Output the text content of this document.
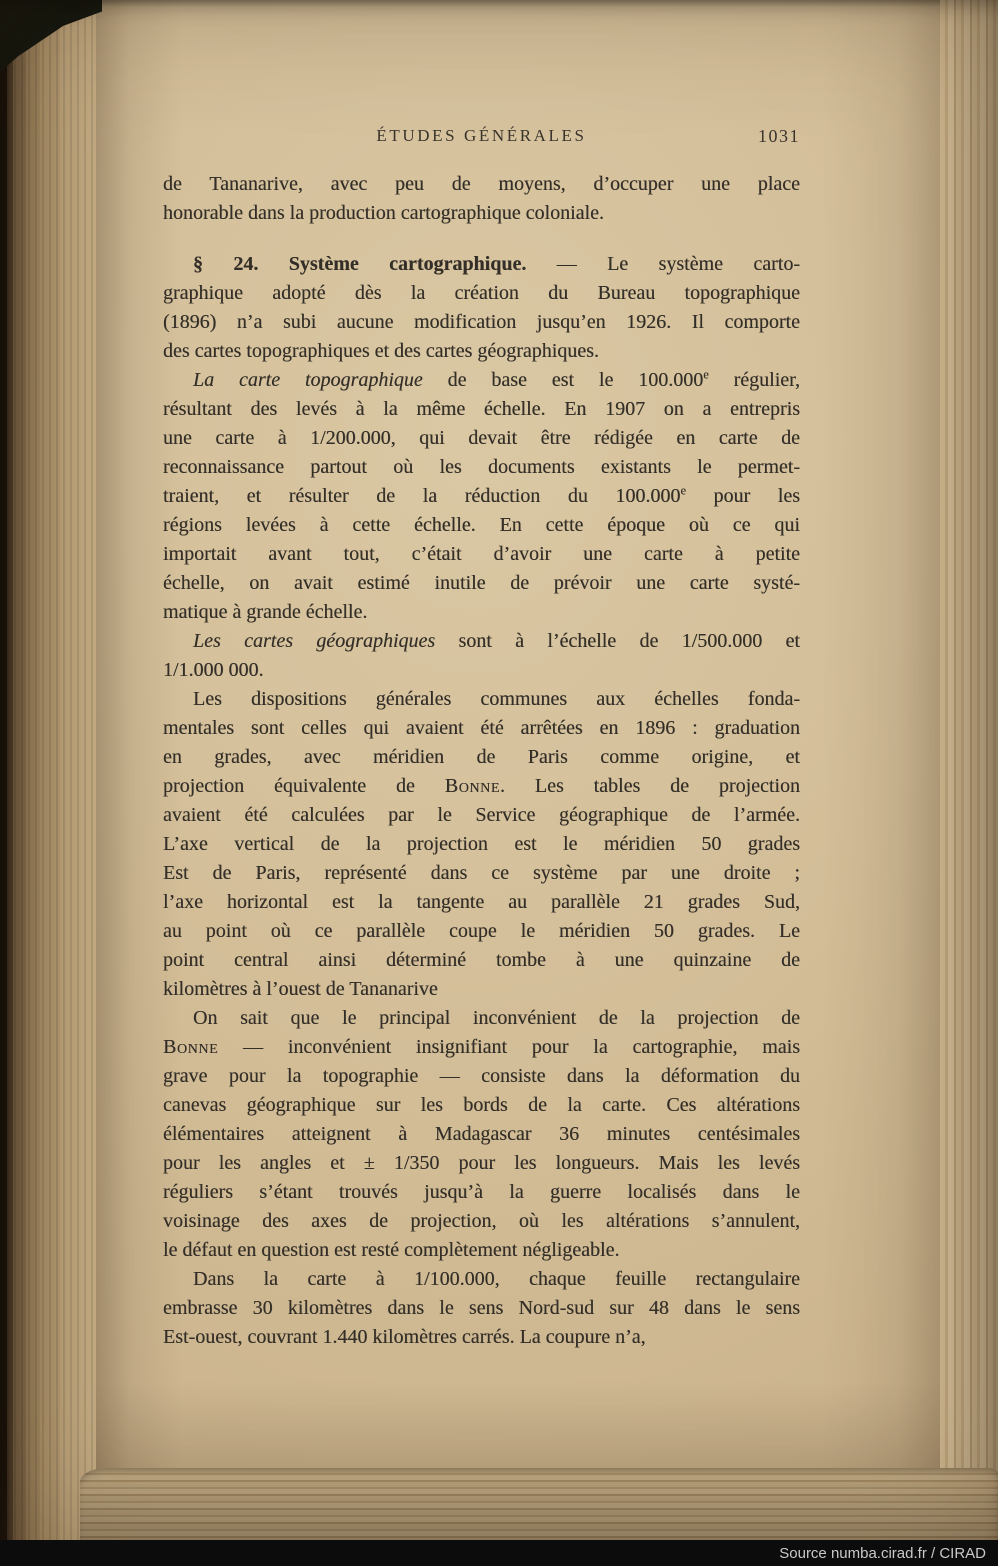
ÉTUDES GÉNÉRALES	1031
de Tananarive, avec peu de moyens, d’occuper une place
honorable dans la production cartographique coloniale.
§ 24. Système cartographique. — Le système carto-
graphique adopté dès la création du Bureau topographique
(1896) n’a subi aucune modification jusqu’en 1926. Il comporte
des cartes topographiques et des cartes géographiques.
La carte topographique de base est le 100.000e régulier,
résultant des levés à la même échelle. En 1907 on a entrepris
une carte à 1/200.000, qui devait être rédigée en carte de
reconnaissance partout où les documents existants le permet-
traient, et résulter de la réduction du 100.000e pour les
régions levées à cette échelle. En cette époque où ce qui
importait avant tout, c’était d’avoir une carte à petite
échelle, on avait estimé inutile de prévoir une carte systé-
matique à grande échelle.
Les cartes géographiques sont à l’échelle de 1/500.000 et
1/1.000 000.
Les dispositions générales communes aux échelles fonda-
mentales sont celles qui avaient été arrêtées en 1896 : graduation
en grades, avec méridien de Paris comme origine, et
projection équivalente de Bonne. Les tables de projection
avaient été calculées par le Service géographique de l’armée.
L’axe vertical de la projection est le méridien 50 grades
Est de Paris, représenté dans ce système par une droite ;
l’axe horizontal est la tangente au parallèle 21 grades Sud,
au point où ce parallèle coupe le méridien 50 grades. Le
point central ainsi déterminé tombe à une quinzaine de
kilomètres à l’ouest de Tananarive
On sait que le principal inconvénient de la projection de
Bonne — inconvénient insignifiant pour la cartographie, mais
grave pour la topographie — consiste dans la déformation du
canevas géographique sur les bords de la carte. Ces altérations
élémentaires atteignent à Madagascar 36 minutes centésimales
pour les angles et ± 1/350 pour les longueurs. Mais les levés
réguliers s’étant trouvés jusqu’à la guerre localisés dans le
voisinage des axes de projection, où les altérations s’annulent,
le défaut en question est resté complètement négligeable.
Dans la carte à 1/100.000, chaque feuille rectangulaire
embrasse 30 kilomètres dans le sens Nord-sud sur 48 dans le sens
Est-ouest, couvrant 1.440 kilomètres carrés. La coupure n’a,
Source numba.cirad.fr / CIRAD
